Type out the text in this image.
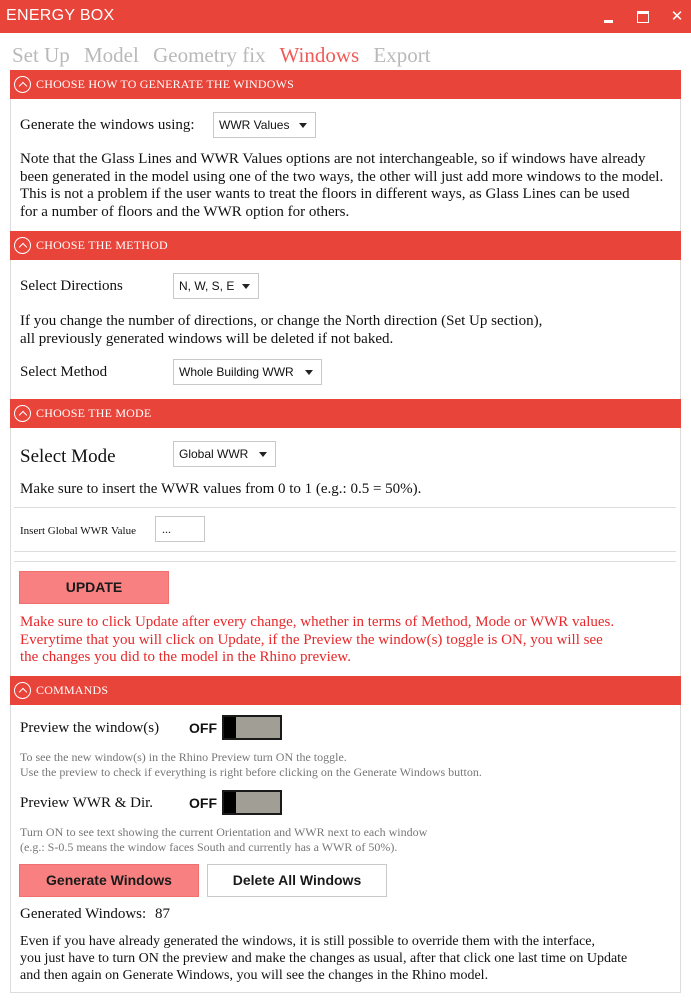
ENERGY BOX	✕
Set Up Model Geometry fix Windows Export
CHOOSE HOW TO GENERATE THE WINDOWS
Generate the windows using: WWR Values
Note that the Glass Lines and WWR Values options are not interchangeable, so if windows have already
been generated in the model using one of the two ways, the other will just add more windows to the model.
This is not a problem if the user wants to treat the floors in different ways, as Glass Lines can be used
for a number of floors and the WWR option for others.
CHOOSE THE METHOD
Select Directions	N, W, S, E
If you change the number of directions, or change the North direction (Set Up section),
all previously generated windows will be deleted if not baked.
Select Method	Whole Building WWR
CHOOSE THE MODE
Select Mode	Global WWR
Make sure to insert the WWR values from 0 to 1 (e.g.: 0.5 = 50%).
Insert Global WWR Value ...
UPDATE
Make sure to click Update after every change, whether in terms of Method, Mode or WWR values.
Everytime that you will click on Update, if the Preview the window(s) toggle is ON, you will see
the changes you did to the model in the Rhino preview.
COMMANDS
Preview the window(s) OFF
To see the new window(s) in the Rhino Preview turn ON the toggle.
Use the preview to check if everything is right before clicking on the Generate Windows button.
Preview WWR & Dir.	OFF
Turn ON to see text showing the current Orientation and WWR next to each window
(e.g.: S-0.5 means the window faces South and currently has a WWR of 50%).
Generate Windows	Delete All Windows
Generated Windows: 87
Even if you have already generated the windows, it is still possible to override them with the interface,
you just have to turn ON the preview and make the changes as usual, after that click one last time on Update
and then again on Generate Windows, you will see the changes in the Rhino model.
